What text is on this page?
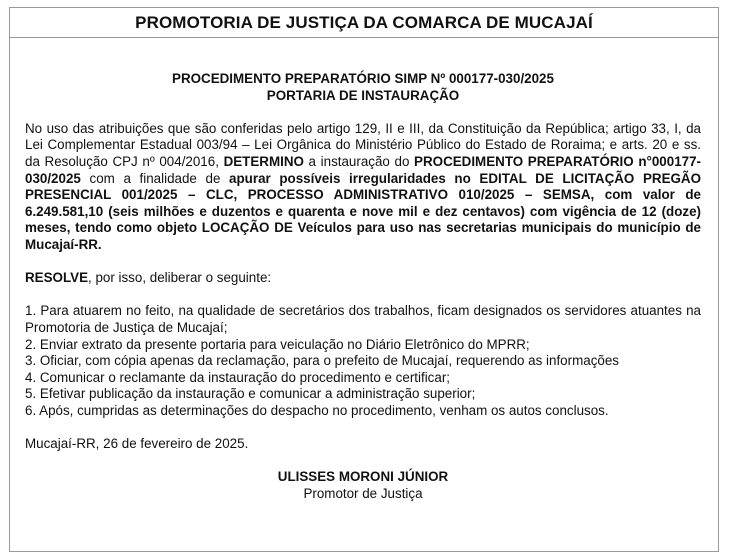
PROMOTORIA DE JUSTIÇA DA COMARCA DE MUCAJAÍ

PROCEDIMENTO PREPARATÓRIO SIMP Nº 000177-030/2025

PORTARIA DE INSTAURAÇÃO

No uso das atribuições que são conferidas pelo artigo 129, II e III, da Constituição da República; artigo 33, I, da Lei Complementar Estadual 003/94 – Lei Orgânica do Ministério Público do Estado de Roraima; e arts. 20 e ss. da Resolução CPJ nº 004/2016, DETERMINO a instauração do PROCEDIMENTO PREPARATÓRIO n°000177-030/2025 com a finalidade de apurar possíveis irregularidades no EDITAL DE LICITAÇÃO PREGÃO PRESENCIAL 001/2025 – CLC, PROCESSO ADMINISTRATIVO 010/2025 – SEMSA, com valor de 6.249.581,10 (seis milhões e duzentos e quarenta e nove mil e dez centavos) com vigência de 12 (doze) meses, tendo como objeto LOCAÇÃO DE Veículos para uso nas secretarias municipais do município de Mucajaí-RR.

RESOLVE, por isso, deliberar o seguinte:

1. Para atuarem no feito, na qualidade de secretários dos trabalhos, ficam designados os servidores atuantes na Promotoria de Justiça de Mucajaí;

2. Enviar extrato da presente portaria para veiculação no Diário Eletrônico do MPRR;

3. Oficiar, com cópia apenas da reclamação, para o prefeito de Mucajaí, requerendo as informações

4. Comunicar o reclamante da instauração do procedimento e certificar;

5. Efetivar publicação da instauração e comunicar a administração superior;

6. Após, cumpridas as determinações do despacho no procedimento, venham os autos conclusos.

Mucajaí-RR, 26 de fevereiro de 2025.

ULISSES MORONI JÚNIOR

Promotor de Justiça
